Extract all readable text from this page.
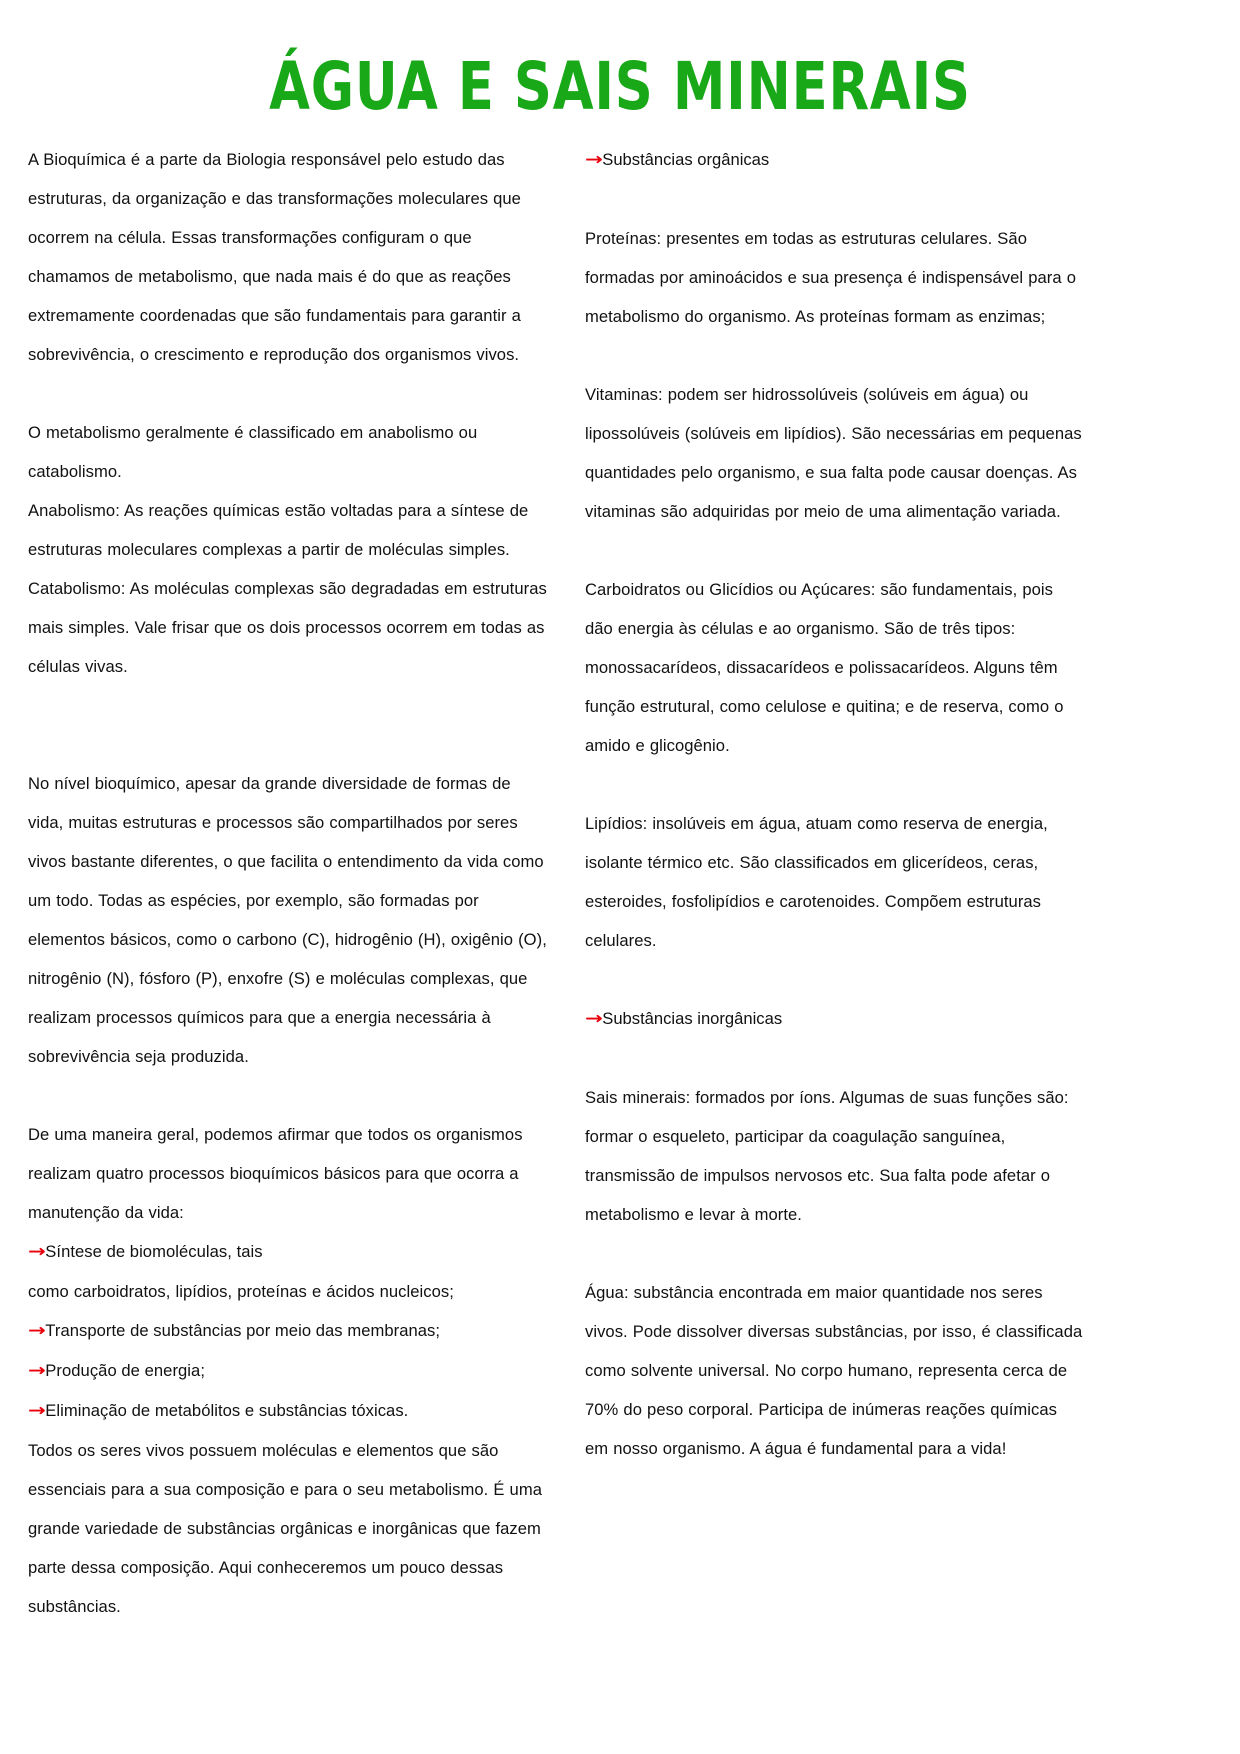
ÁGUA E SAIS MINERAIS

A Bioquímica é a parte da Biologia responsável pelo estudo das estruturas, da organização e das transformações moleculares que ocorrem na célula. Essas transformações configuram o que chamamos de metabolismo, que nada mais é do que as reações extremamente coordenadas que são fundamentais para garantir a sobrevivência, o crescimento e reprodução dos organismos vivos.

O metabolismo geralmente é classificado em anabolismo ou catabolismo.

Anabolismo: As reações químicas estão voltadas para a síntese de estruturas moleculares complexas a partir de moléculas simples.

Catabolismo: As moléculas complexas são degradadas em estruturas mais simples. Vale frisar que os dois processos ocorrem em todas as células vivas.

No nível bioquímico, apesar da grande diversidade de formas de vida, muitas estruturas e processos são compartilhados por seres vivos bastante diferentes, o que facilita o entendimento da vida como um todo. Todas as espécies, por exemplo, são formadas por elementos básicos, como o carbono (C), hidrogênio (H), oxigênio (O), nitrogênio (N), fósforo (P), enxofre (S) e moléculas complexas, que realizam processos químicos para que a energia necessária à sobrevivência seja produzida.

De uma maneira geral, podemos afirmar que todos os organismos realizam quatro processos bioquímicos básicos para que ocorra a manutenção da vida:

→Síntese de biomoléculas, tais

como carboidratos, lipídios, proteínas e ácidos nucleicos;

→Transporte de substâncias por meio das membranas;
→Produção de energia;
→Eliminação de metabólitos e substâncias tóxicas.

Todos os seres vivos possuem moléculas e elementos que são essenciais para a sua composição e para o seu metabolismo. É uma grande variedade de substâncias orgânicas e inorgânicas que fazem parte dessa composição. Aqui conheceremos um pouco dessas substâncias.

→Substâncias orgânicas

Proteínas: presentes em todas as estruturas celulares. São formadas por aminoácidos e sua presença é indispensável para o metabolismo do organismo. As proteínas formam as enzimas;

Vitaminas: podem ser hidrossolúveis (solúveis em água) ou lipossolúveis (solúveis em lipídios). São necessárias em pequenas quantidades pelo organismo, e sua falta pode causar doenças. As vitaminas são adquiridas por meio de uma alimentação variada.

Carboidratos ou Glicídios ou Açúcares: são fundamentais, pois dão energia às células e ao organismo. São de três tipos: monossacarídeos, dissacarídeos e polissacarídeos. Alguns têm função estrutural, como celulose e quitina; e de reserva, como o amido e glicogênio.

Lipídios: insolúveis em água, atuam como reserva de energia, isolante térmico etc. São classificados em glicerídeos, ceras, esteroides, fosfolipídios e carotenoides. Compõem estruturas celulares.

→Substâncias inorgânicas

Sais minerais: formados por íons. Algumas de suas funções são: formar o esqueleto, participar da coagulação sanguínea, transmissão de impulsos nervosos etc. Sua falta pode afetar o metabolismo e levar à morte.

Água: substância encontrada em maior quantidade nos seres vivos. Pode dissolver diversas substâncias, por isso, é classificada como solvente universal. No corpo humano, representa cerca de 70% do peso corporal. Participa de inúmeras reações químicas em nosso organismo. A água é fundamental para a vida!
